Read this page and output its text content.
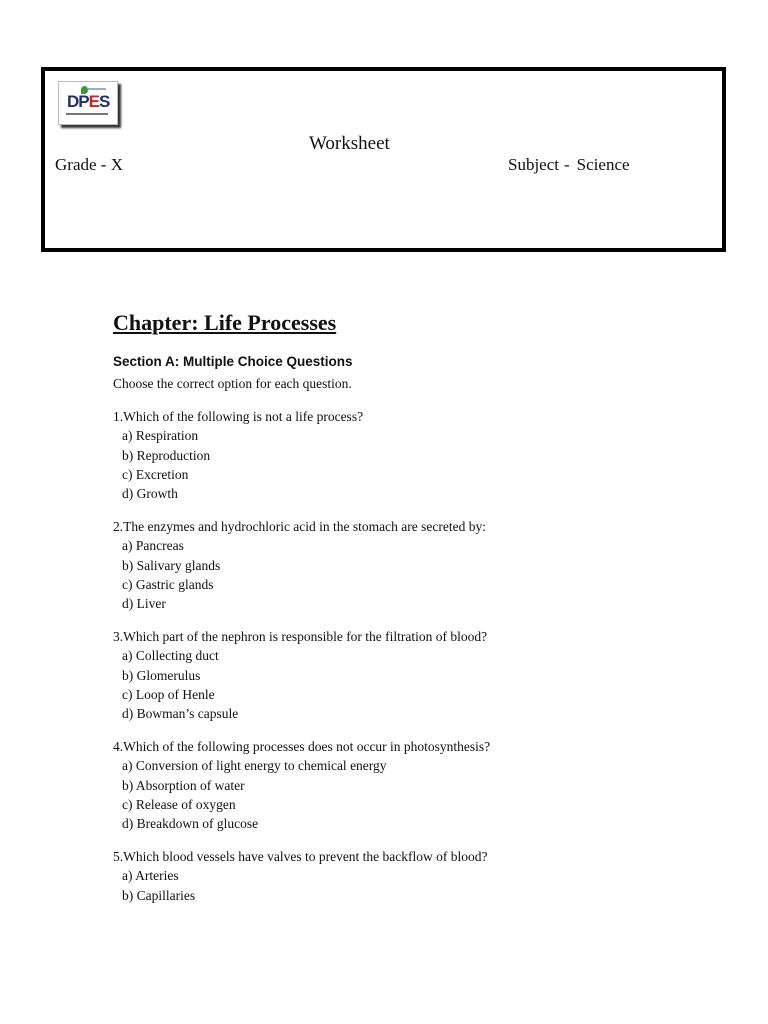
DPES
Worksheet
Grade - X	Subject - Science
Chapter: Life Processes
Section A: Multiple Choice Questions
Choose the correct option for each question.
1.Which of the following is not a life process?
a) Respiration
b) Reproduction
c) Excretion
d) Growth
2.The enzymes and hydrochloric acid in the stomach are secreted by:
a) Pancreas
b) Salivary glands
c) Gastric glands
d) Liver
3.Which part of the nephron is responsible for the filtration of blood?
a) Collecting duct
b) Glomerulus
c) Loop of Henle
d) Bowman’s capsule
4.Which of the following processes does not occur in photosynthesis?
a) Conversion of light energy to chemical energy
b) Absorption of water
c) Release of oxygen
d) Breakdown of glucose
5.Which blood vessels have valves to prevent the backflow of blood?
a) Arteries
b) Capillaries
